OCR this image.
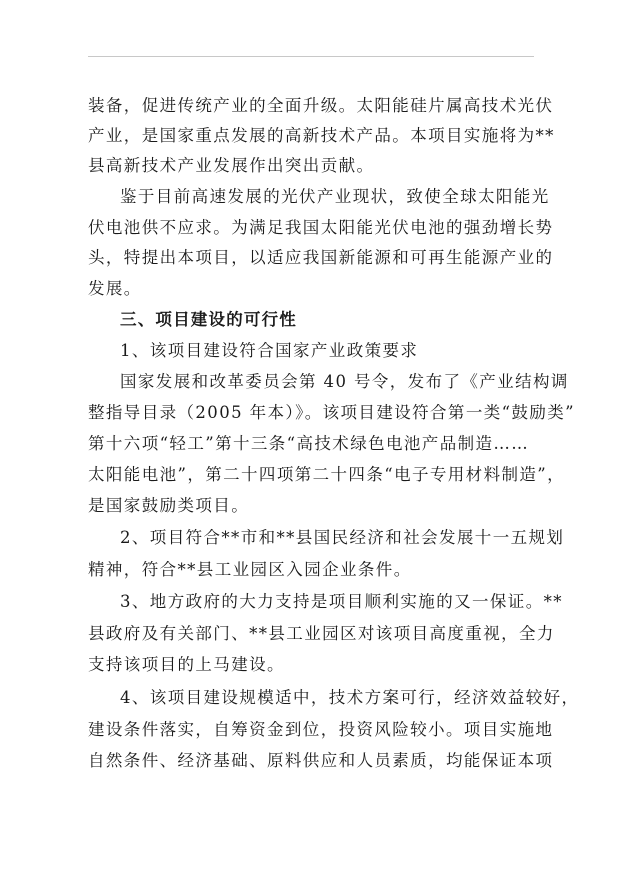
装备，促进传统产业的全面升级。太阳能硅片属高技术光伏
产业，是国家重点发展的高新技术产品。本项目实施将为**
县高新技术产业发展作出突出贡献。
鉴于目前高速发展的光伏产业现状，致使全球太阳能光
伏电池供不应求。为满足我国太阳能光伏电池的强劲增长势
头，特提出本项目，以适应我国新能源和可再生能源产业的
发展。
三、项目建设的可行性
1、该项目建设符合国家产业政策要求
国家发展和改革委员会第 40 号令，发布了《产业结构调
整指导目录（2005 年本）》。该项目建设符合第一类“鼓励类”
第十六项“轻工”第十三条“高技术绿色电池产品制造……
太阳能电池”，第二十四项第二十四条“电子专用材料制造”，
是国家鼓励类项目。
2、项目符合**市和**县国民经济和社会发展十一五规划
精神，符合**县工业园区入园企业条件。
3、地方政府的大力支持是项目顺利实施的又一保证。**
县政府及有关部门、**县工业园区对该项目高度重视，全力
支持该项目的上马建设。
4、该项目建设规模适中，技术方案可行，经济效益较好，
建设条件落实，自筹资金到位，投资风险较小。项目实施地
自然条件、经济基础、原料供应和人员素质，均能保证本项
